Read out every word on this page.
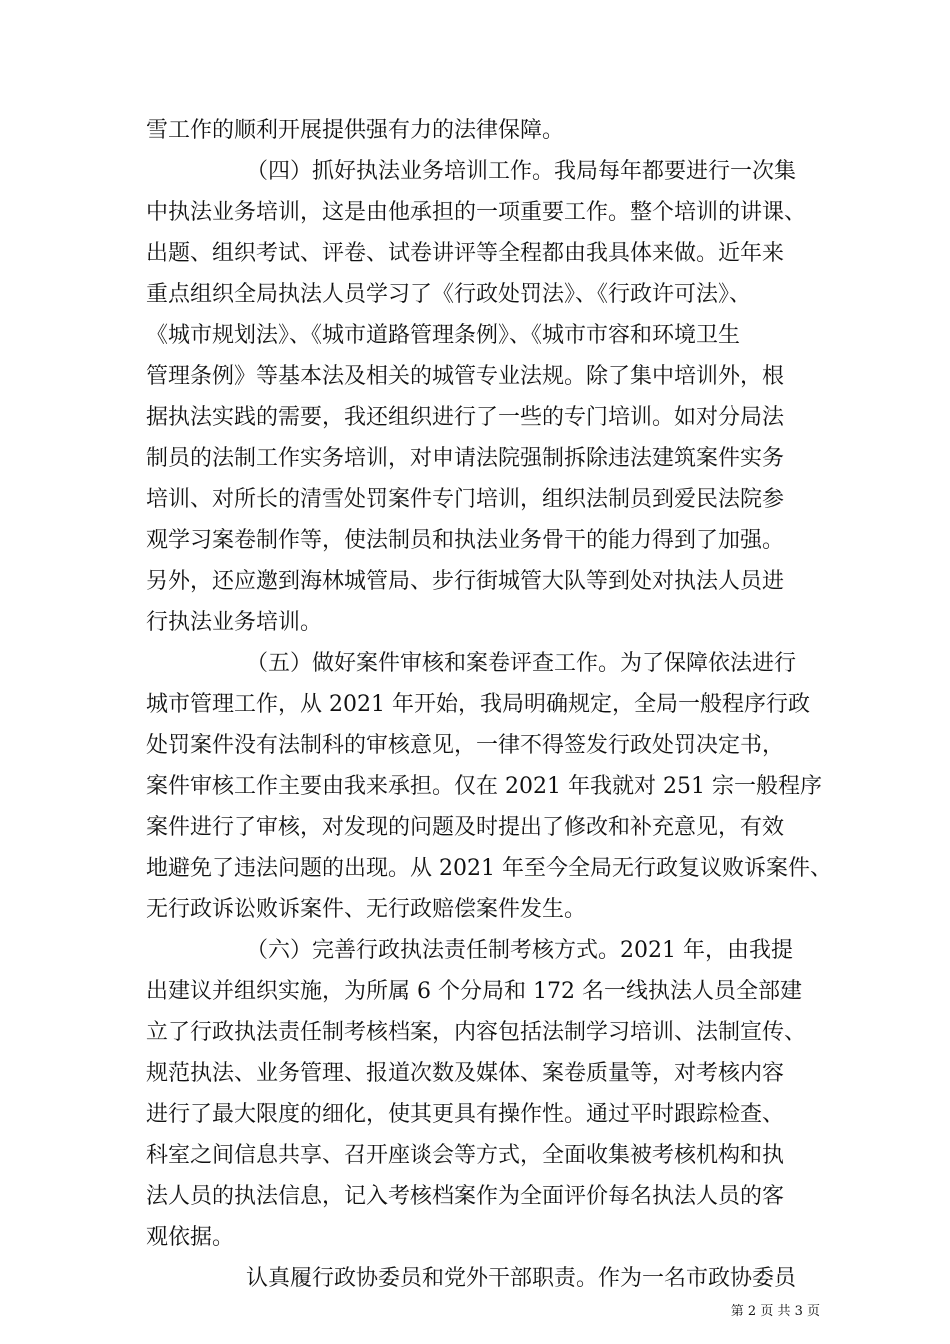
雪工作的顺利开展提供强有力的法律保障。
（四）抓好执法业务培训工作。我局每年都要进行一次集
中执法业务培训，这是由他承担的一项重要工作。整个培训的讲课、
出题、组织考试、评卷、试卷讲评等全程都由我具体来做。近年来
重点组织全局执法人员学习了《行政处罚法》、《行政许可法》、
《城市规划法》、《城市道路管理条例》、《城市市容和环境卫生
管理条例》等基本法及相关的城管专业法规。除了集中培训外，根
据执法实践的需要，我还组织进行了一些的专门培训。如对分局法
制员的法制工作实务培训，对申请法院强制拆除违法建筑案件实务
培训、对所长的清雪处罚案件专门培训，组织法制员到爱民法院参
观学习案卷制作等，使法制员和执法业务骨干的能力得到了加强。
另外，还应邀到海林城管局、步行街城管大队等到处对执法人员进
行执法业务培训。
（五）做好案件审核和案卷评查工作。为了保障依法进行
城市管理工作，从 2021 年开始，我局明确规定，全局一般程序行政
处罚案件没有法制科的审核意见，一律不得签发行政处罚决定书，
案件审核工作主要由我来承担。仅在 2021 年我就对 251 宗一般程序
案件进行了审核，对发现的问题及时提出了修改和补充意见，有效
地避免了违法问题的出现。从 2021 年至今全局无行政复议败诉案件、
无行政诉讼败诉案件、无行政赔偿案件发生。
（六）完善行政执法责任制考核方式。2021 年，由我提
出建议并组织实施，为所属 6 个分局和 172 名一线执法人员全部建
立了行政执法责任制考核档案，内容包括法制学习培训、法制宣传、
规范执法、业务管理、报道次数及媒体、案卷质量等，对考核内容
进行了最大限度的细化，使其更具有操作性。通过平时跟踪检查、
科室之间信息共享、召开座谈会等方式，全面收集被考核机构和执
法人员的执法信息，记入考核档案作为全面评价每名执法人员的客
观依据。
认真履行政协委员和党外干部职责。作为一名市政协委员
第 2 页 共 3 页
